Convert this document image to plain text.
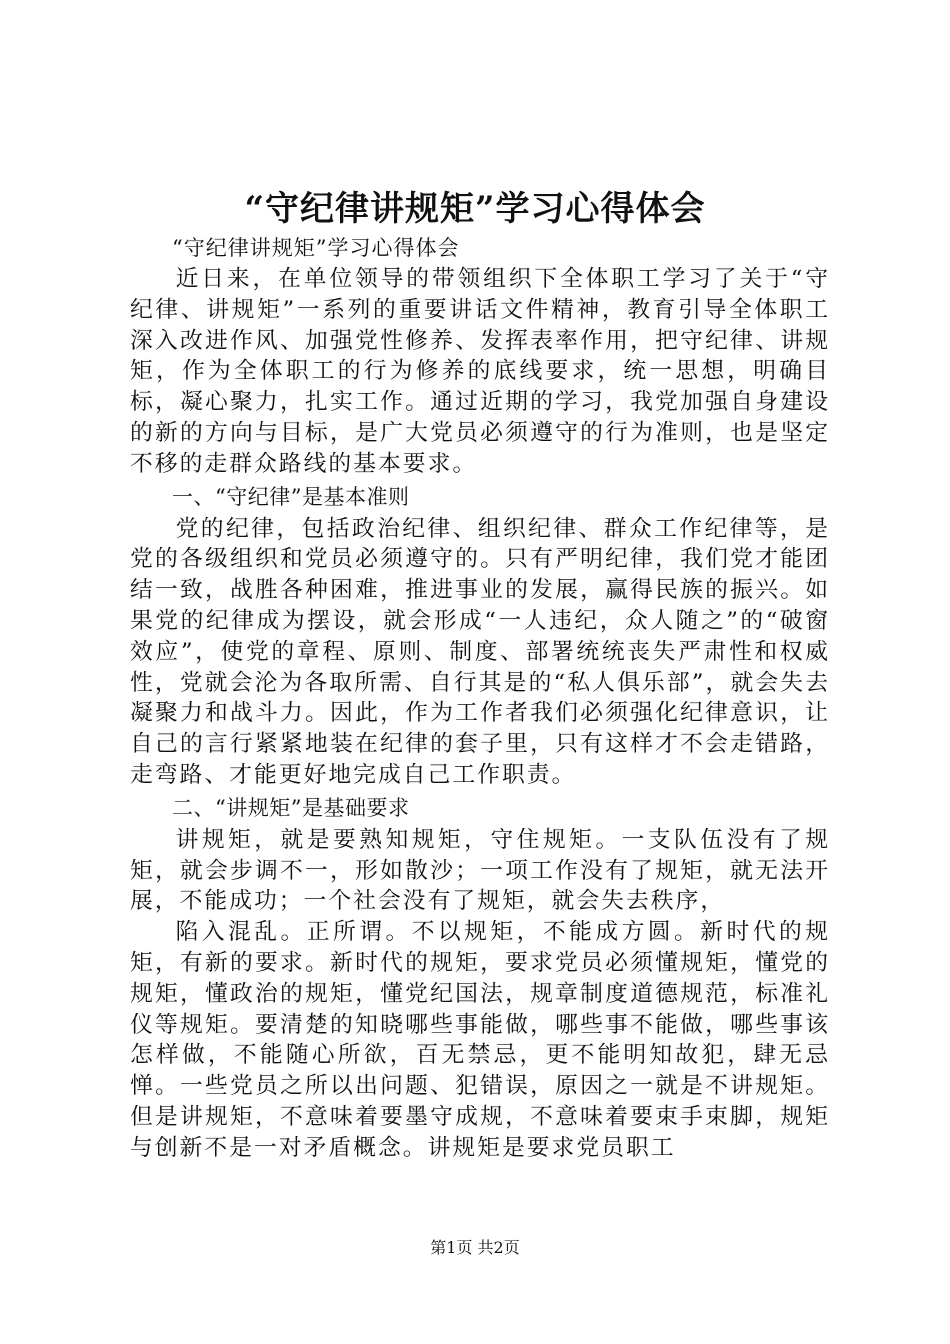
“守纪律讲规矩”学习心得体会

“守纪律讲规矩”学习心得体会

近日来，在单位领导的带领组织下全体职工学习了关于“守纪律、讲规矩”一系列的重要讲话文件精神，教育引导全体职工深入改进作风、加强党性修养、发挥表率作用，把守纪律、讲规矩，作为全体职工的行为修养的底线要求，统一思想，明确目标，凝心聚力，扎实工作。通过近期的学习，我党加强自身建设的新的方向与目标，是广大党员必须遵守的行为准则，也是坚定不移的走群众路线的基本要求。

一、“守纪律”是基本准则

党的纪律，包括政治纪律、组织纪律、群众工作纪律等，是党的各级组织和党员必须遵守的。只有严明纪律，我们党才能团结一致，战胜各种困难，推进事业的发展，赢得民族的振兴。如果党的纪律成为摆设，就会形成“一人违纪，众人随之”的“破窗效应”，使党的章程、原则、制度、部署统统丧失严肃性和权威性，党就会沦为各取所需、自行其是的“私人俱乐部”，就会失去凝聚力和战斗力。因此，作为工作者我们必须强化纪律意识，让自己的言行紧紧地装在纪律的套子里，只有这样才不会走错路，走弯路、才能更好地完成自己工作职责。

二、“讲规矩”是基础要求

讲规矩，就是要熟知规矩，守住规矩。一支队伍没有了规矩，就会步调不一，形如散沙；一项工作没有了规矩，就无法开展，不能成功；一个社会没有了规矩，就会失去秩序，

陷入混乱。正所谓。不以规矩，不能成方圆。新时代的规矩，有新的要求。新时代的规矩，要求党员必须懂规矩，懂党的规矩，懂政治的规矩，懂党纪国法，规章制度道德规范，标准礼仪等规矩。要清楚的知晓哪些事能做，哪些事不能做，哪些事该怎样做，不能随心所欲，百无禁忌，更不能明知故犯，肆无忌惮。一些党员之所以出问题、犯错误，原因之一就是不讲规矩。但是讲规矩，不意味着要墨守成规，不意味着要束手束脚，规矩与创新不是一对矛盾概念。讲规矩是要求党员职工

第1页 共2页
